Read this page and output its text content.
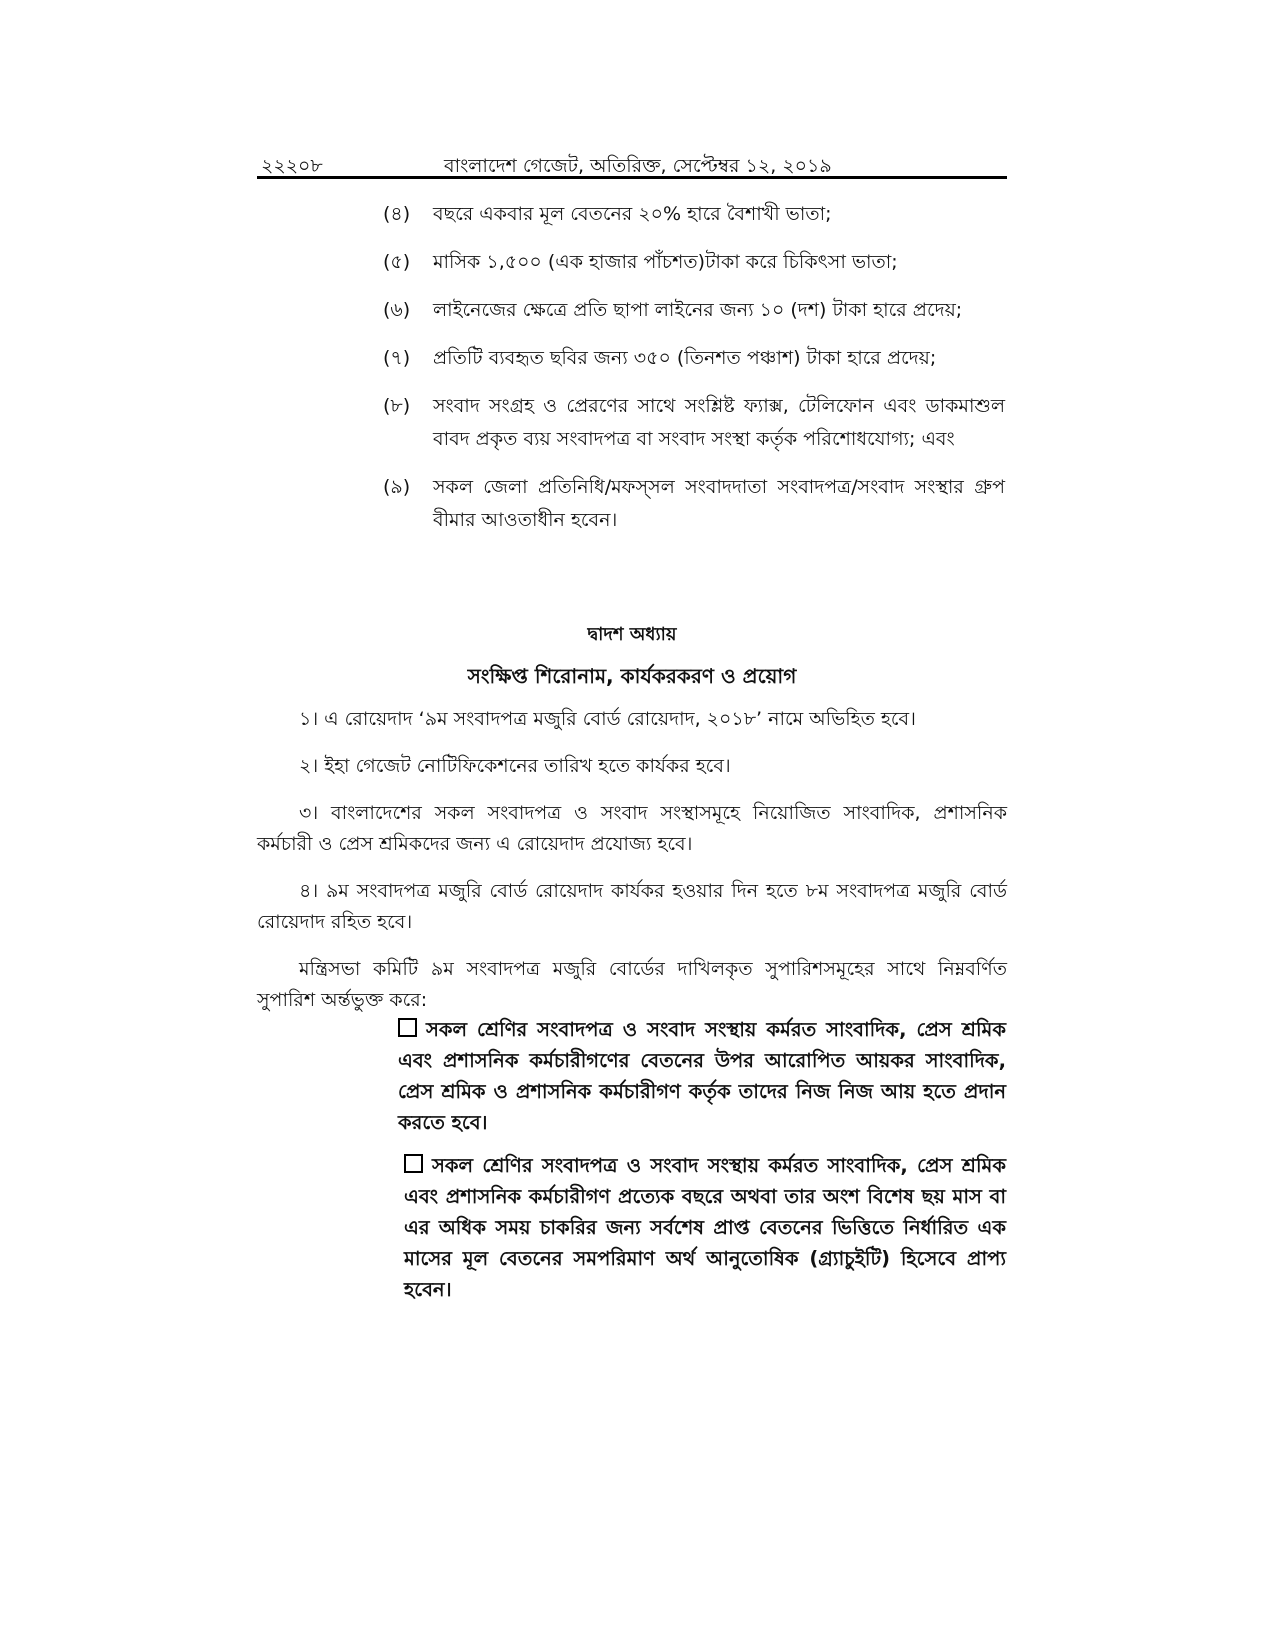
২২২০৮	বাংলাদেশ গেজেট, অতিরিক্ত, সেপ্টেম্বর ১২, ২০১৯
(৪) বছরে একবার মূল বেতনের ২০% হারে বৈশাখী ভাতা;
(৫) মাসিক ১,৫০০ (এক হাজার পাঁচশত)টাকা করে চিকিৎসা ভাতা;
(৬) লাইনেজের ক্ষেত্রে প্রতি ছাপা লাইনের জন্য ১০ (দশ) টাকা হারে প্রদেয়;
(৭) প্রতিটি ব্যবহৃত ছবির জন্য ৩৫০ (তিনশত পঞ্চাশ) টাকা হারে প্রদেয়;
(৮) সংবাদ সংগ্রহ ও প্রেরণের সাথে সংশ্লিষ্ট ফ্যাক্স, টেলিফোন এবং ডাকমাশুল বাবদ প্রকৃত ব্যয় সংবাদপত্র বা সংবাদ সংস্থা কর্তৃক পরিশোধযোগ্য; এবং
(৯) সকল জেলা প্রতিনিধি/মফস্সল সংবাদদাতা সংবাদপত্র/সংবাদ সংস্থার গ্রুপ বীমার আওতাধীন হবেন।
দ্বাদশ অধ্যায়
সংক্ষিপ্ত শিরোনাম, কার্যকরকরণ ও প্রয়োগ

১। এ রোয়েদাদ ‘৯ম সংবাদপত্র মজুরি বোর্ড রোয়েদাদ, ২০১৮’ নামে অভিহিত হবে।

২। ইহা গেজেট নোটিফিকেশনের তারিখ হতে কার্যকর হবে।

৩। বাংলাদেশের সকল সংবাদপত্র ও সংবাদ সংস্থাসমূহে নিয়োজিত সাংবাদিক, প্রশাসনিক কর্মচারী ও প্রেস শ্রমিকদের জন্য এ রোয়েদাদ প্রযোজ্য হবে।

৪। ৯ম সংবাদপত্র মজুরি বোর্ড রোয়েদাদ কার্যকর হওয়ার দিন হতে ৮ম সংবাদপত্র মজুরি বোর্ড রোয়েদাদ রহিত হবে।

মন্ত্রিসভা কমিটি ৯ম সংবাদপত্র মজুরি বোর্ডের দাখিলকৃত সুপারিশসমূহের সাথে নিম্নবর্ণিত সুপারিশ অর্ন্তভুক্ত করে:

সকল শ্রেণির সংবাদপত্র ও সংবাদ সংস্থায় কর্মরত সাংবাদিক, প্রেস শ্রমিক এবং প্রশাসনিক কর্মচারীগণের বেতনের উপর আরোপিত আয়কর সাংবাদিক, প্রেস শ্রমিক ও প্রশাসনিক কর্মচারীগণ কর্তৃক তাদের নিজ নিজ আয় হতে প্রদান করতে হবে।
সকল শ্রেণির সংবাদপত্র ও সংবাদ সংস্থায় কর্মরত সাংবাদিক, প্রেস শ্রমিক এবং প্রশাসনিক কর্মচারীগণ প্রত্যেক বছরে অথবা তার অংশ বিশেষ ছয় মাস বা এর অধিক সময় চাকরির জন্য সর্বশেষ প্রাপ্ত বেতনের ভিত্তিতে নির্ধারিত এক মাসের মূল বেতনের সমপরিমাণ অর্থ আনুতোষিক (গ্র্যাচুইটি) হিসেবে প্রাপ্য হবেন।
